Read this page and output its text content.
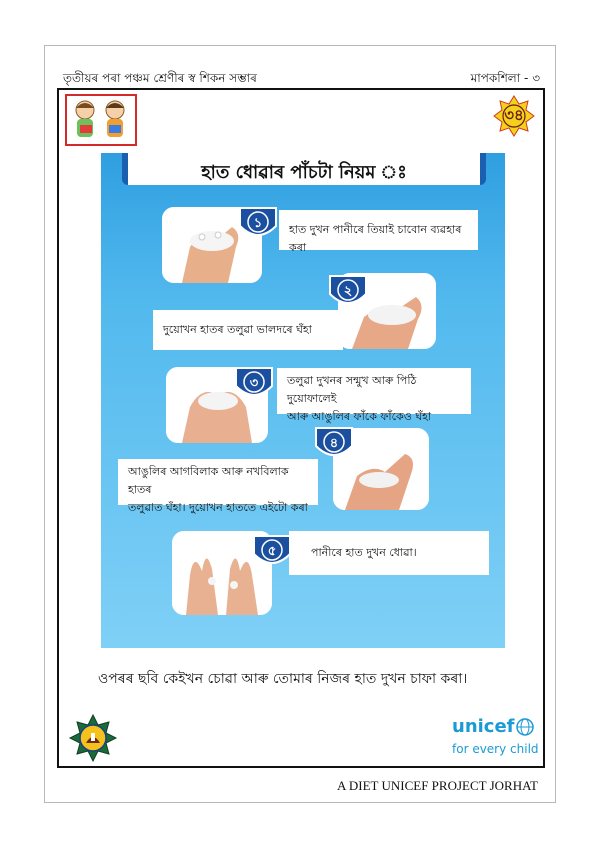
তৃতীয়ৰ পৰা পঞ্চম শ্ৰেণীৰ স্ব শিকন সম্ভাৰ	মাপকশিলা - ৩
৩৪
হাত ধোৱাৰ পাঁচটা নিয়ম ঃ
১	হাত দুখন পানীৰে তিয়াই চাবোন ব্যৱহাৰ কৰা
২
দুয়োখন হাতৰ তলুৱা ভালদৰে ঘঁহা
৩	তলুৱা দুখনৰ সন্মুখ আৰু পিঠি দুয়োফালেই
আৰু আঙুলিৰ ফাঁকে ফাঁকেও ঘঁহা
৪
আঙুলিৰ আগবিলাক আৰু নখবিলাক হাতৰ
তলুৱাত ঘঁহা। দুয়োখন হাততে এইটো কৰা
৫	পানীৰে হাত দুখন ধোৱা।
ওপৰৰ ছবি কেইখন চোৱা আৰু তোমাৰ নিজৰ হাত দুখন চাফা কৰা।
unicef
for every child
A DIET UNICEF PROJECT JORHAT
